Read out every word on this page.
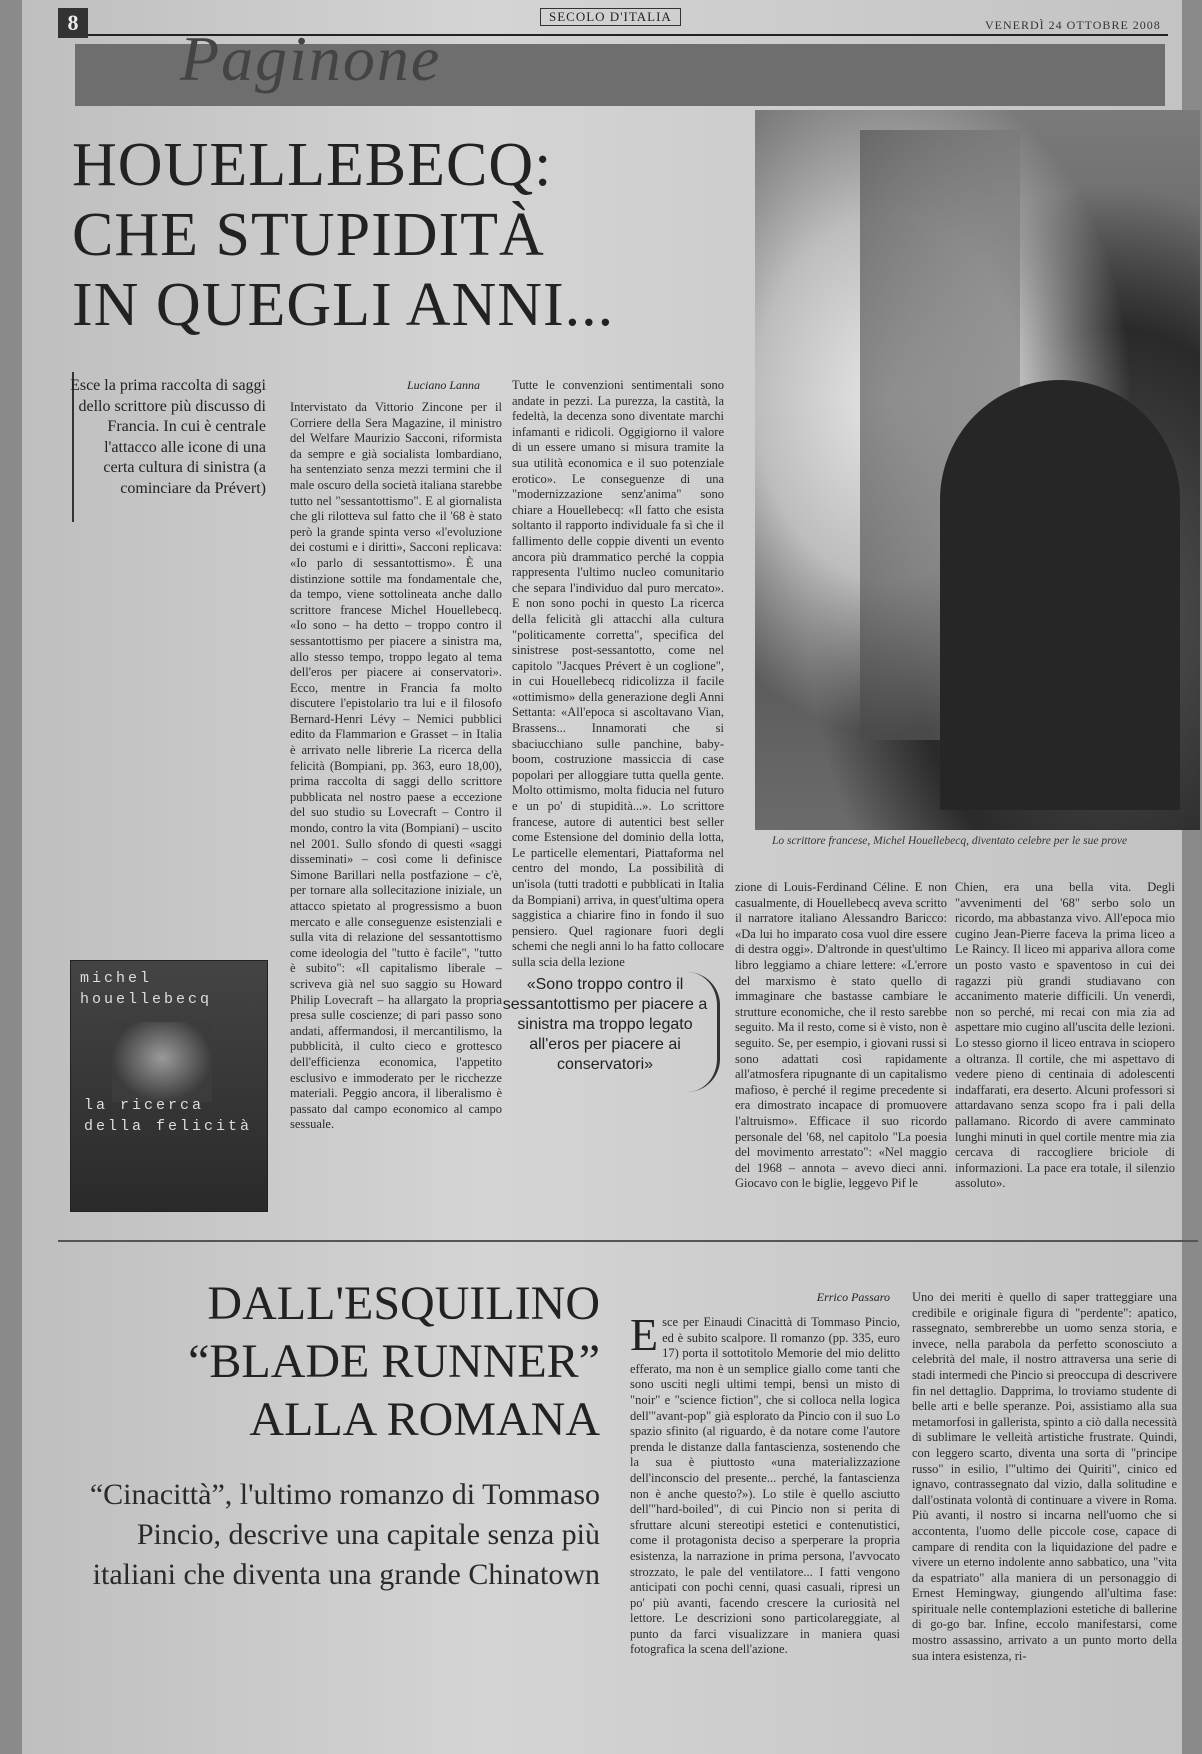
8	SECOLO D'ITALIA
VENERDÌ 24 OTTOBRE 2008
Paginone
HOUELLEBECQ:
CHE STUPIDITÀ
IN QUEGLI ANNI...
Esce la prima raccolta di saggi dello scrittore più discusso di Francia. In cui è centrale l'attacco alle icone di una certa cultura di sinistra (a cominciare da Prévert)
Luciano Lanna
Intervistato da Vittorio Zincone per il Corriere della Sera Magazine, il ministro del Welfare Maurizio Sacconi, riformista da sempre e già socialista lombardiano, ha sentenziato senza mezzi termini che il male oscuro della società italiana starebbe tutto nel "sessantottismo". E al giornalista che gli rilotteva sul fatto che il '68 è stato però la grande spinta verso «l'evoluzione dei costumi e i diritti», Sacconi replicava: «Io parlo di sessantottismo». È una distinzione sottile ma fondamentale che, da tempo, viene sottolineata anche dallo scrittore francese Michel Houellebecq. «Io sono – ha detto – troppo contro il sessantottismo per piacere a sinistra ma, allo stesso tempo, troppo legato al tema dell'eros per piacere ai conservatori». Ecco, mentre in Francia fa molto discutere l'epistolario tra lui e il filosofo Bernard-Henri Lévy – Nemici pubblici edito da Flammarion e Grasset – in Italia è arrivato nelle librerie La ricerca della felicità (Bompiani, pp. 363, euro 18,00), prima raccolta di saggi dello scrittore pubblicata nel nostro paese a eccezione del suo studio su Lovecraft – Contro il mondo, contro la vita (Bompiani) – uscito nel 2001. Sullo sfondo di questi «saggi disseminati» – così come li definisce Simone Barillari nella postfazione – c'è, per tornare alla sollecitazione iniziale, un attacco spietato al progressismo a buon mercato e alle conseguenze esistenziali e sulla vita di relazione del sessantottismo come ideologia del "tutto è facile", "tutto è subito": «Il capitalismo liberale – scriveva già nel suo saggio su Howard Philip Lovecraft – ha allargato la propria presa sulle coscienze; di pari passo sono andati, affermandosi, il mercantilismo, la pubblicità, il culto cieco e grottesco dell'efficienza economica, l'appetito esclusivo e immoderato per le ricchezze materiali. Peggio ancora, il liberalismo è passato dal campo economico al campo sessuale.
Tutte le convenzioni sentimentali sono andate in pezzi. La purezza, la castità, la fedeltà, la decenza sono diventate marchi infamanti e ridicoli. Oggigiorno il valore di un essere umano si misura tramite la sua utilità economica e il suo potenziale erotico». Le conseguenze di una "modernizzazione senz'anima" sono chiare a Houellebecq: «Il fatto che esista soltanto il rapporto individuale fa sì che il fallimento delle coppie diventi un evento ancora più drammatico perché la coppia rappresenta l'ultimo nucleo comunitario che separa l'individuo dal puro mercato». E non sono pochi in questo La ricerca della felicità gli attacchi alla cultura "politicamente corretta", specifica del sinistrese post-sessantotto, come nel capitolo "Jacques Prévert è un coglione", in cui Houellebecq ridicolizza il facile «ottimismo» della generazione degli Anni Settanta: «All'epoca si ascoltavano Vian, Brassens... Innamorati che si sbaciucchiano sulle panchine, baby-boom, costruzione massiccia di case popolari per alloggiare tutta quella gente. Molto ottimismo, molta fiducia nel futuro e un po' di stupidità...». Lo scrittore francese, autore di autentici best seller come Estensione del dominio della lotta, Le particelle elementari, Piattaforma nel centro del mondo, La possibilità di un'isola (tutti tradotti e pubblicati in Italia da Bompiani) arriva, in quest'ultima opera saggistica a chiarire fino in fondo il suo pensiero. Quel ragionare fuori degli schemi che negli anni lo ha fatto collocare sulla scia della lezione
Lo scrittore francese, Michel Houellebecq, diventato celebre per le sue prove
zione di Louis-Ferdinand Céline. E non casualmente, di Houellebecq aveva scritto il narratore italiano Alessandro Baricco: «Da lui ho imparato cosa vuol dire essere di destra oggi». D'altronde in quest'ultimo libro leggiamo a chiare lettere: «L'errore del marxismo è stato quello di immaginare che bastasse cambiare le strutture economiche, che il resto sarebbe seguito. Ma il resto, come si è visto, non è seguito. Se, per esempio, i giovani russi si sono adattati così rapidamente all'atmosfera ripugnante di un capitalismo mafioso, è perché il regime precedente si era dimostrato incapace di promuovere l'altruismo». Efficace il suo ricordo personale del '68, nel capitolo "La poesia del movimento arrestato": «Nel maggio del 1968 – annota – avevo dieci anni. Giocavo con le biglie, leggevo Pif le
Chien, era una bella vita. Degli "avvenimenti del '68" serbo solo un ricordo, ma abbastanza vivo. All'epoca mio cugino Jean-Pierre faceva la prima liceo a Le Raincy. Il liceo mi appariva allora come un posto vasto e spaventoso in cui dei ragazzi più grandi studiavano con accanimento materie difficili. Un venerdì, non so perché, mi recai con mia zia ad aspettare mio cugino all'uscita delle lezioni. Lo stesso giorno il liceo entrava in sciopero a oltranza. Il cortile, che mi aspettavo di vedere pieno di centinaia di adolescenti indaffarati, era deserto. Alcuni professori si attardavano senza scopo fra i pali della pallamano. Ricordo di avere camminato lunghi minuti in quel cortile mentre mia zia cercava di raccogliere briciole di informazioni. La pace era totale, il silenzio assoluto».
michel houellebecq
la ricerca della felicità
«Sono troppo contro il sessantottismo per piacere a sinistra ma troppo legato all'eros per piacere ai conservatori»
DALL'ESQUILINO
“BLADE RUNNER”
ALLA ROMANA
“Cinacittà”, l'ultimo romanzo di Tommaso Pincio, descrive una capitale senza più italiani che diventa una grande Chinatown
Errico Passaro
Esce per Einaudi Cinacittà di Tommaso Pincio, ed è subito scalpore. Il romanzo (pp. 335, euro 17) porta il sottotitolo Memorie del mio delitto efferato, ma non è un semplice giallo come tanti che sono usciti negli ultimi tempi, bensì un misto di "noir" e "science fiction", che si colloca nella logica dell'"avant-pop" già esplorato da Pincio con il suo Lo spazio sfinito (al riguardo, è da notare come l'autore prenda le distanze dalla fantascienza, sostenendo che la sua è piuttosto «una materializzazione dell'inconscio del presente... perché, la fantascienza non è anche questo?»). Lo stile è quello asciutto dell'"hard-boiled", di cui Pincio non si perita di sfruttare alcuni stereotipi estetici e contenutistici, come il protagonista deciso a sperperare la propria esistenza, la narrazione in prima persona, l'avvocato strozzato, le pale del ventilatore... I fatti vengono anticipati con pochi cenni, quasi casuali, ripresi un po' più avanti, facendo crescere la curiosità nel lettore. Le descrizioni sono particolareggiate, al punto da farci visualizzare in maniera quasi fotografica la scena dell'azione.
Uno dei meriti è quello di saper tratteggiare una credibile e originale figura di "perdente": apatico, rassegnato, sembrerebbe un uomo senza storia, e invece, nella parabola da perfetto sconosciuto a celebrità del male, il nostro attraversa una serie di stadi intermedi che Pincio si preoccupa di descrivere fin nel dettaglio. Dapprima, lo troviamo studente di belle arti e belle speranze. Poi, assistiamo alla sua metamorfosi in gallerista, spinto a ciò dalla necessità di sublimare le velleità artistiche frustrate. Quindi, con leggero scarto, diventa una sorta di "principe russo" in esilio, l'"ultimo dei Quiriti", cinico ed ignavo, contrassegnato dal vizio, dalla solitudine e dall'ostinata volontà di continuare a vivere in Roma. Più avanti, il nostro si incarna nell'uomo che si accontenta, l'uomo delle piccole cose, capace di campare di rendita con la liquidazione del padre e vivere un eterno indolente anno sabbatico, una "vita da espatriato" alla maniera di un personaggio di Ernest Hemingway, giungendo all'ultima fase: spirituale nelle contemplazioni estetiche di ballerine di go-go bar. Infine, eccolo manifestarsi, come mostro assassino, arrivato a un punto morto della sua intera esistenza, ri-
